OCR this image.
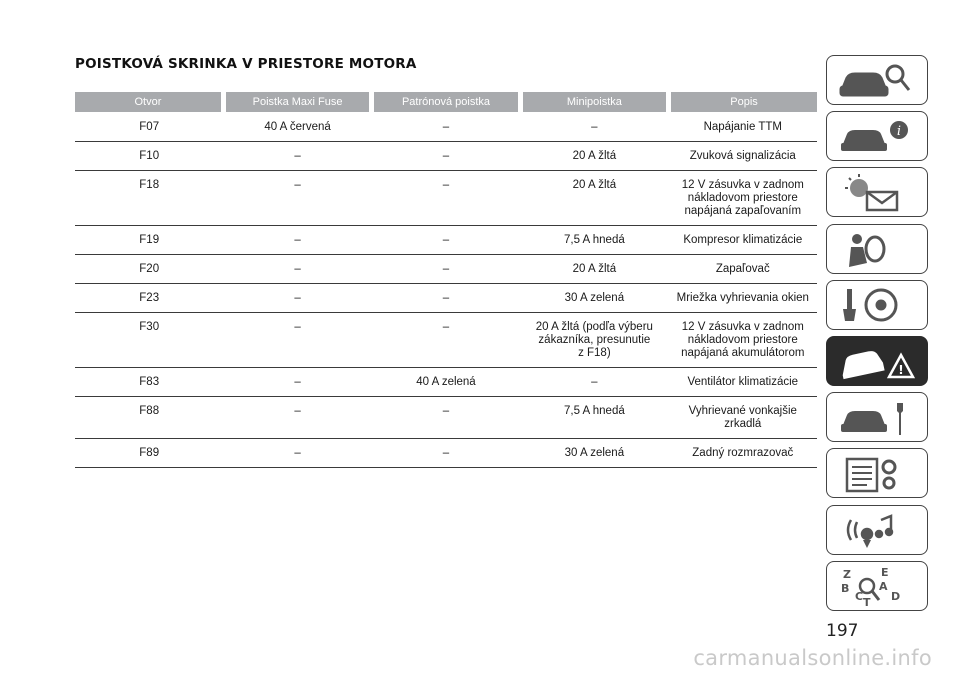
POISTKOVÁ SKRINKA V PRIESTORE MOTORA
Otvor	Poistka Maxi Fuse	Patrónová poistka	Minipoistka	Popis
F07	40 A červená	–	–	Napájanie TTM
F10	–	–	20 A žltá	Zvuková signalizácia
F18	–	–	20 A žltá	12 V zásuvka v zadnom
nákladovom priestore
napájaná zapaľovaním
F19	–	–	7,5 A hnedá	Kompresor klimatizácie
F20	–	–	20 A žltá	Zapaľovač
F23	–	–	30 A zelená	Mriežka vyhrievania okien
F30	–	–	20 A žltá (podľa výberu
zákazníka, presunutie
z F18)	12 V zásuvka v zadnom
nákladovom priestore
napájaná akumulátorom
F83	–	40 A zelená	–	Ventilátor klimatizácie
F88	–	–	7,5 A hnedá	Vyhrievané vonkajšie zrkadlá
F89	–	–	30 A zelená	Zadný rozmrazovač
i
!
Z	E
A
B
C T D
197
carmanualsonline.info
